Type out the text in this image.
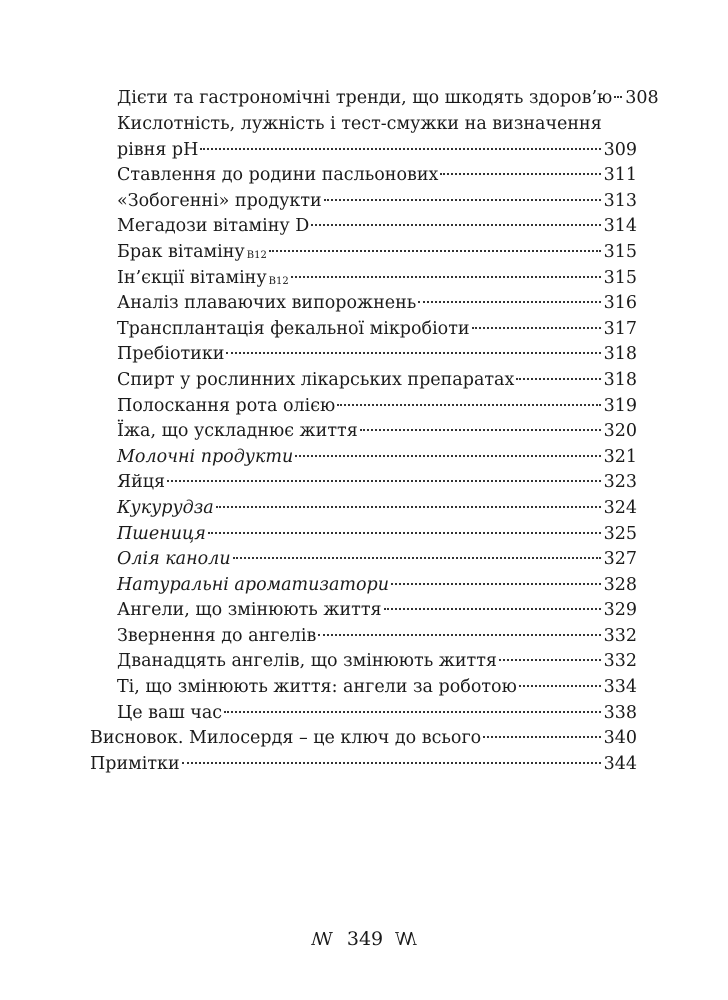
Дієти та гастрономічні тренди, що шкодять здоров’ю 308
Кислотність, лужність і тест-смужки на визначення
рівня pH	309
Ставлення до родини пасльонових	311
«Зобогенні» продукти	313
Мегадози вітаміну D	314
Брак вітаміну B12	315
Ін’єкції вітаміну B12	315
Аналіз плаваючих випорожнень	316
Трансплантація фекальної мікробіоти	317
Пребіотики	318
Спирт у рослинних лікарських препаратах	318
Полоскання рота олією	319
Їжа, що ускладнює життя	320
Молочні продукти	321
Яйця	323
Кукурудза	324
Пшениця	325
Олія каноли	327
Натуральні ароматизатори	328
Ангели, що змінюють життя	329
Звернення до ангелів	332
Дванадцять ангелів, що змінюють життя	332
Ті, що змінюють життя: ангели за роботою	334
Це ваш час	338
Висновок. Милосердя – це ключ до всього	340
Примітки	344
ꟿ 349 ꟿ
